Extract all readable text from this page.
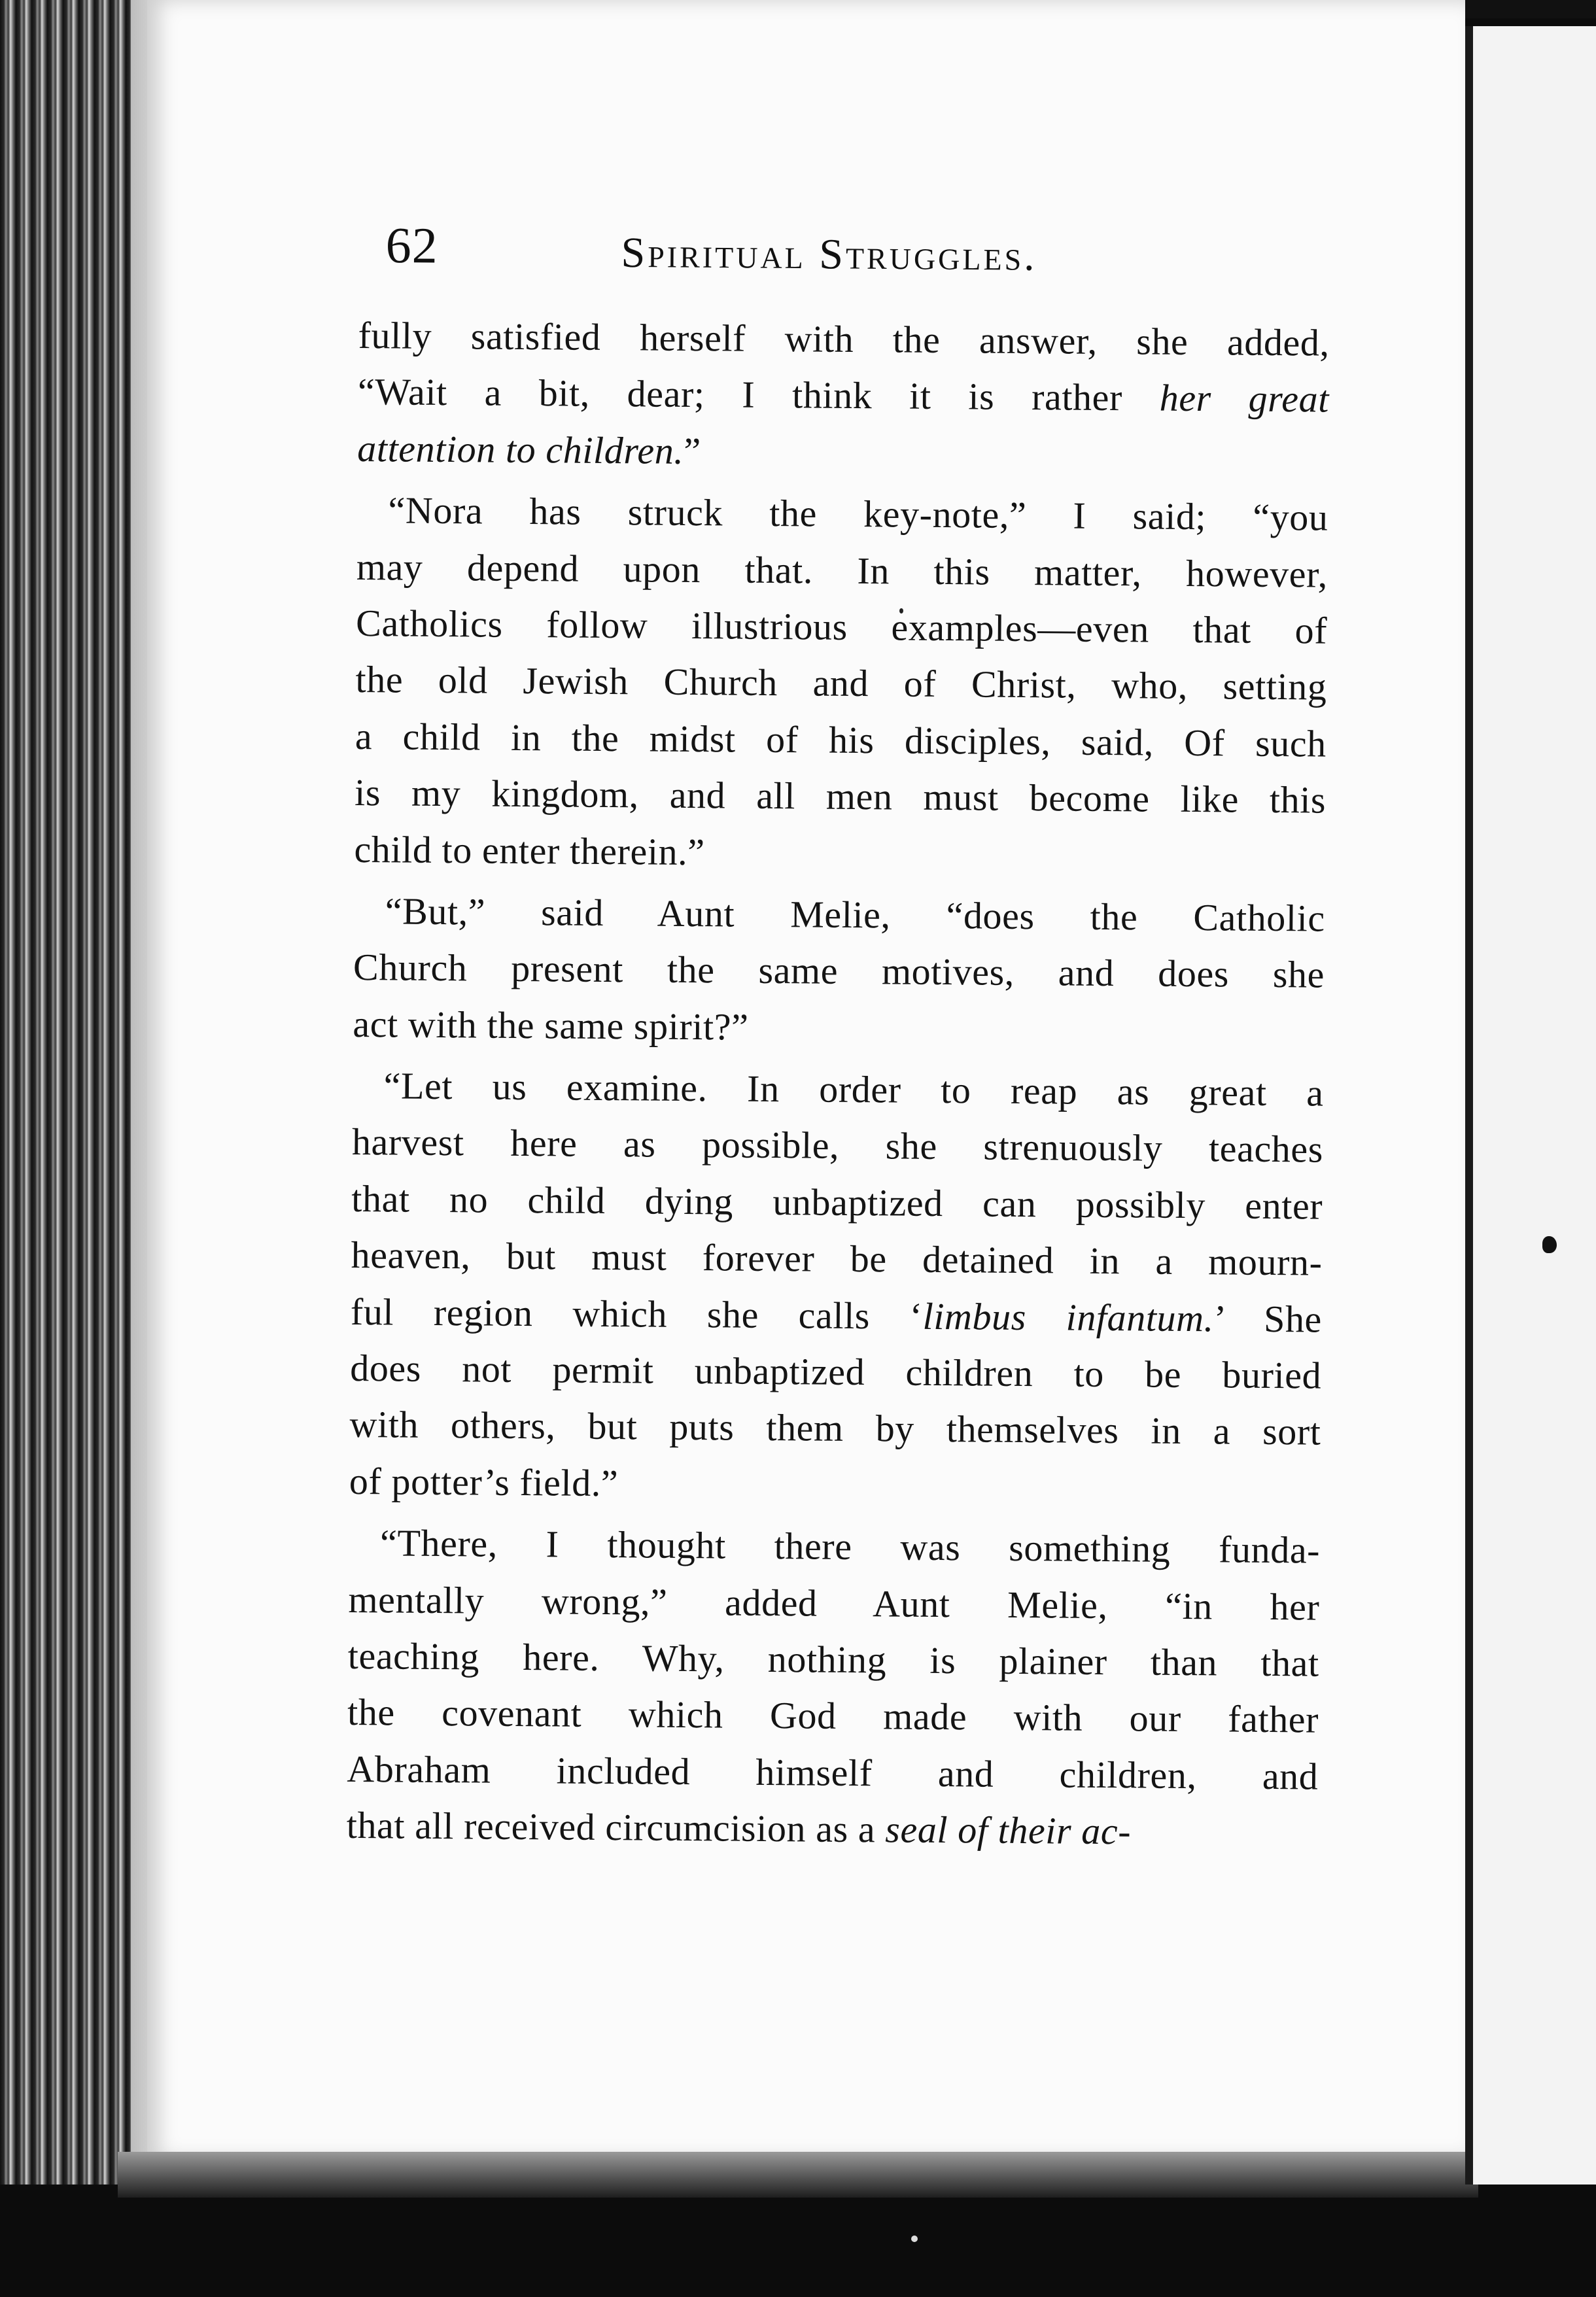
62	Spiritual Struggles.
fully satisfied herself with the answer, she added,
“Wait a bit, dear; I think it is rather her great
attention to children.”
“Nora has struck the key-note,” I said; “you
may depend upon that. In this matter, however,
Catholics follow illustrious examples—even that of
the old Jewish Church and of Christ, who, setting
a child in the midst of his disciples, said, Of such
is my kingdom, and all men must become like this
child to enter therein.”
“But,” said Aunt Melie, “does the Catholic
Church present the same motives, and does she
act with the same spirit?”
“Let us examine. In order to reap as great a
harvest here as possible, she strenuously teaches
that no child dying unbaptized can possibly enter
heaven, but must forever be detained in a mourn-
ful region which she calls ‘limbus infantum.’ She
does not permit unbaptized children to be buried
with others, but puts them by themselves in a sort
of potter’s field.”
“There, I thought there was something funda-
mentally wrong,” added Aunt Melie, “in her
teaching here. Why, nothing is plainer than that
the covenant which God made with our father
Abraham included himself and children, and
that all received circumcision as a seal of their ac-
